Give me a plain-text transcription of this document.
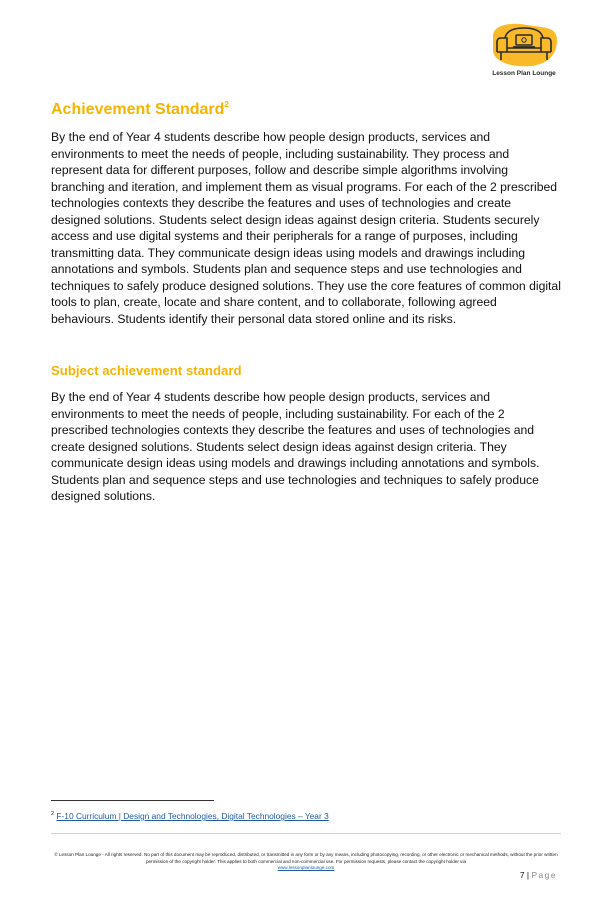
Lesson Plan Lounge
Achievement Standard$^2$

By the end of Year 4 students describe how people design products, services and environments to meet the needs of people, including sustainability. They process and represent data for different purposes, follow and describe simple algorithms involving branching and iteration, and implement them as visual programs. For each of the 2 prescribed technologies contexts they describe the features and uses of technologies and create designed solutions. Students select design ideas against design criteria. Students securely access and use digital systems and their peripherals for a range of purposes, including transmitting data. They communicate design ideas using models and drawings including annotations and symbols. Students plan and sequence steps and use technologies and techniques to safely produce designed solutions. They use the core features of common digital tools to plan, create, locate and share content, and to collaborate, following agreed behaviours. Students identify their personal data stored online and its risks.

Subject achievement standard

By the end of Year 4 students describe how people design products, services and environments to meet the needs of people, including sustainability. For each of the 2 prescribed technologies contexts they describe the features and uses of technologies and create designed solutions. Students select design ideas against design criteria. They communicate design ideas using models and drawings including annotations and symbols. Students plan and sequence steps and use technologies and techniques to safely produce designed solutions.

$^2$ F-10 Curriculum | Design and Technologies, Digital Technologies – Year 3
© Lesson Plan Lounge - All rights reserved. No part of this document may be reproduced, distributed, or transmitted in any form or by any means, including photocopying, recording, or other electronic or mechanical methods, without the prior written permission of the copyright holder. This applies to both commercial and non-commercial use. For permission requests, please contact the copyright holder via
www.lessonplanlounge.com
7 | Page
